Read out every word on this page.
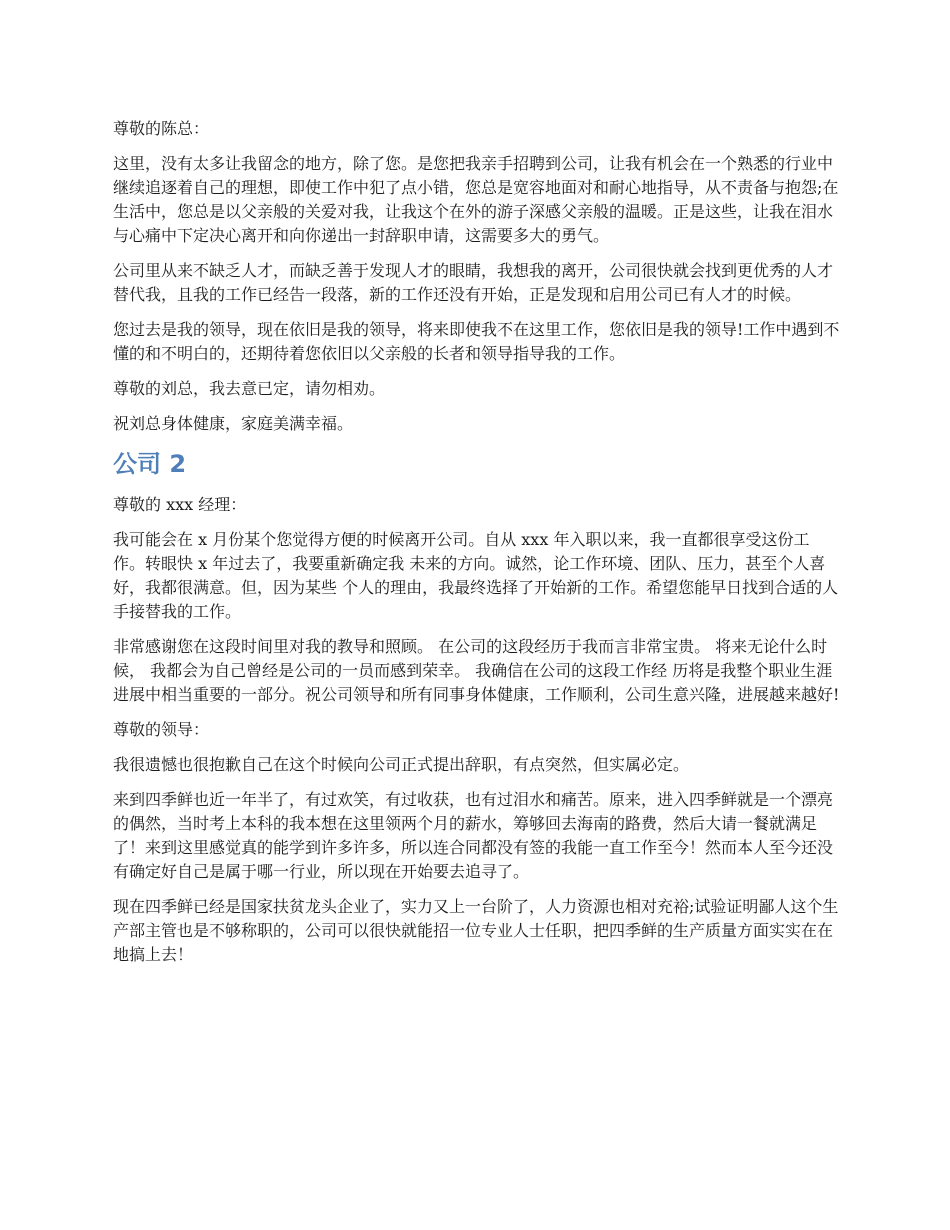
尊敬的陈总：

这里，没有太多让我留念的地方，除了您。是您把我亲手招聘到公司，让我有机会在一个熟悉的行业中继续追逐着自己的理想，即使工作中犯了点小错，您总是宽容地面对和耐心地指导，从不责备与抱怨;在生活中，您总是以父亲般的关爱对我，让我这个在外的游子深感父亲般的温暖。正是这些，让我在泪水与心痛中下定决心离开和向你递出一封辞职申请，这需要多大的勇气。

公司里从来不缺乏人才，而缺乏善于发现人才的眼睛，我想我的离开，公司很快就会找到更优秀的人才替代我，且我的工作已经告一段落，新的工作还没有开始，正是发现和启用公司已有人才的时候。

您过去是我的领导，现在依旧是我的领导，将来即使我不在这里工作，您依旧是我的领导!工作中遇到不懂的和不明白的，还期待着您依旧以父亲般的长者和领导指导我的工作。

尊敬的刘总，我去意已定，请勿相劝。

祝刘总身体健康，家庭美满幸福。

公司 2

尊敬的 xxx 经理：

我可能会在 x 月份某个您觉得方便的时候离开公司。自从 xxx 年入职以来，我一直都很享受这份工作。转眼快 x 年过去了，我要重新确定我 未来的方向。诚然，论工作环境、团队、压力，甚至个人喜好，我都很满意。但，因为某些 个人的理由，我最终选择了开始新的工作。希望您能早日找到合适的人手接替我的工作。

非常感谢您在这段时间里对我的教导和照顾。 在公司的这段经历于我而言非常宝贵。 将来无论什么时候， 我都会为自己曾经是公司的一员而感到荣幸。 我确信在公司的这段工作经 历将是我整个职业生涯进展中相当重要的一部分。祝公司领导和所有同事身体健康，工作顺利，公司生意兴隆，进展越来越好!

尊敬的领导：

我很遗憾也很抱歉自己在这个时候向公司正式提出辞职，有点突然，但实属必定。

来到四季鲜也近一年半了，有过欢笑，有过收获，也有过泪水和痛苦。原来，进入四季鲜就是一个漂亮的偶然，当时考上本科的我本想在这里领两个月的薪水，筹够回去海南的路费，然后大请一餐就满足了！来到这里感觉真的能学到许多许多，所以连合同都没有签的我能一直工作至今！然而本人至今还没有确定好自己是属于哪一行业，所以现在开始要去追寻了。

现在四季鲜已经是国家扶贫龙头企业了，实力又上一台阶了，人力资源也相对充裕;试验证明鄙人这个生产部主管也是不够称职的，公司可以很快就能招一位专业人士任职，把四季鲜的生产质量方面实实在在地搞上去！
